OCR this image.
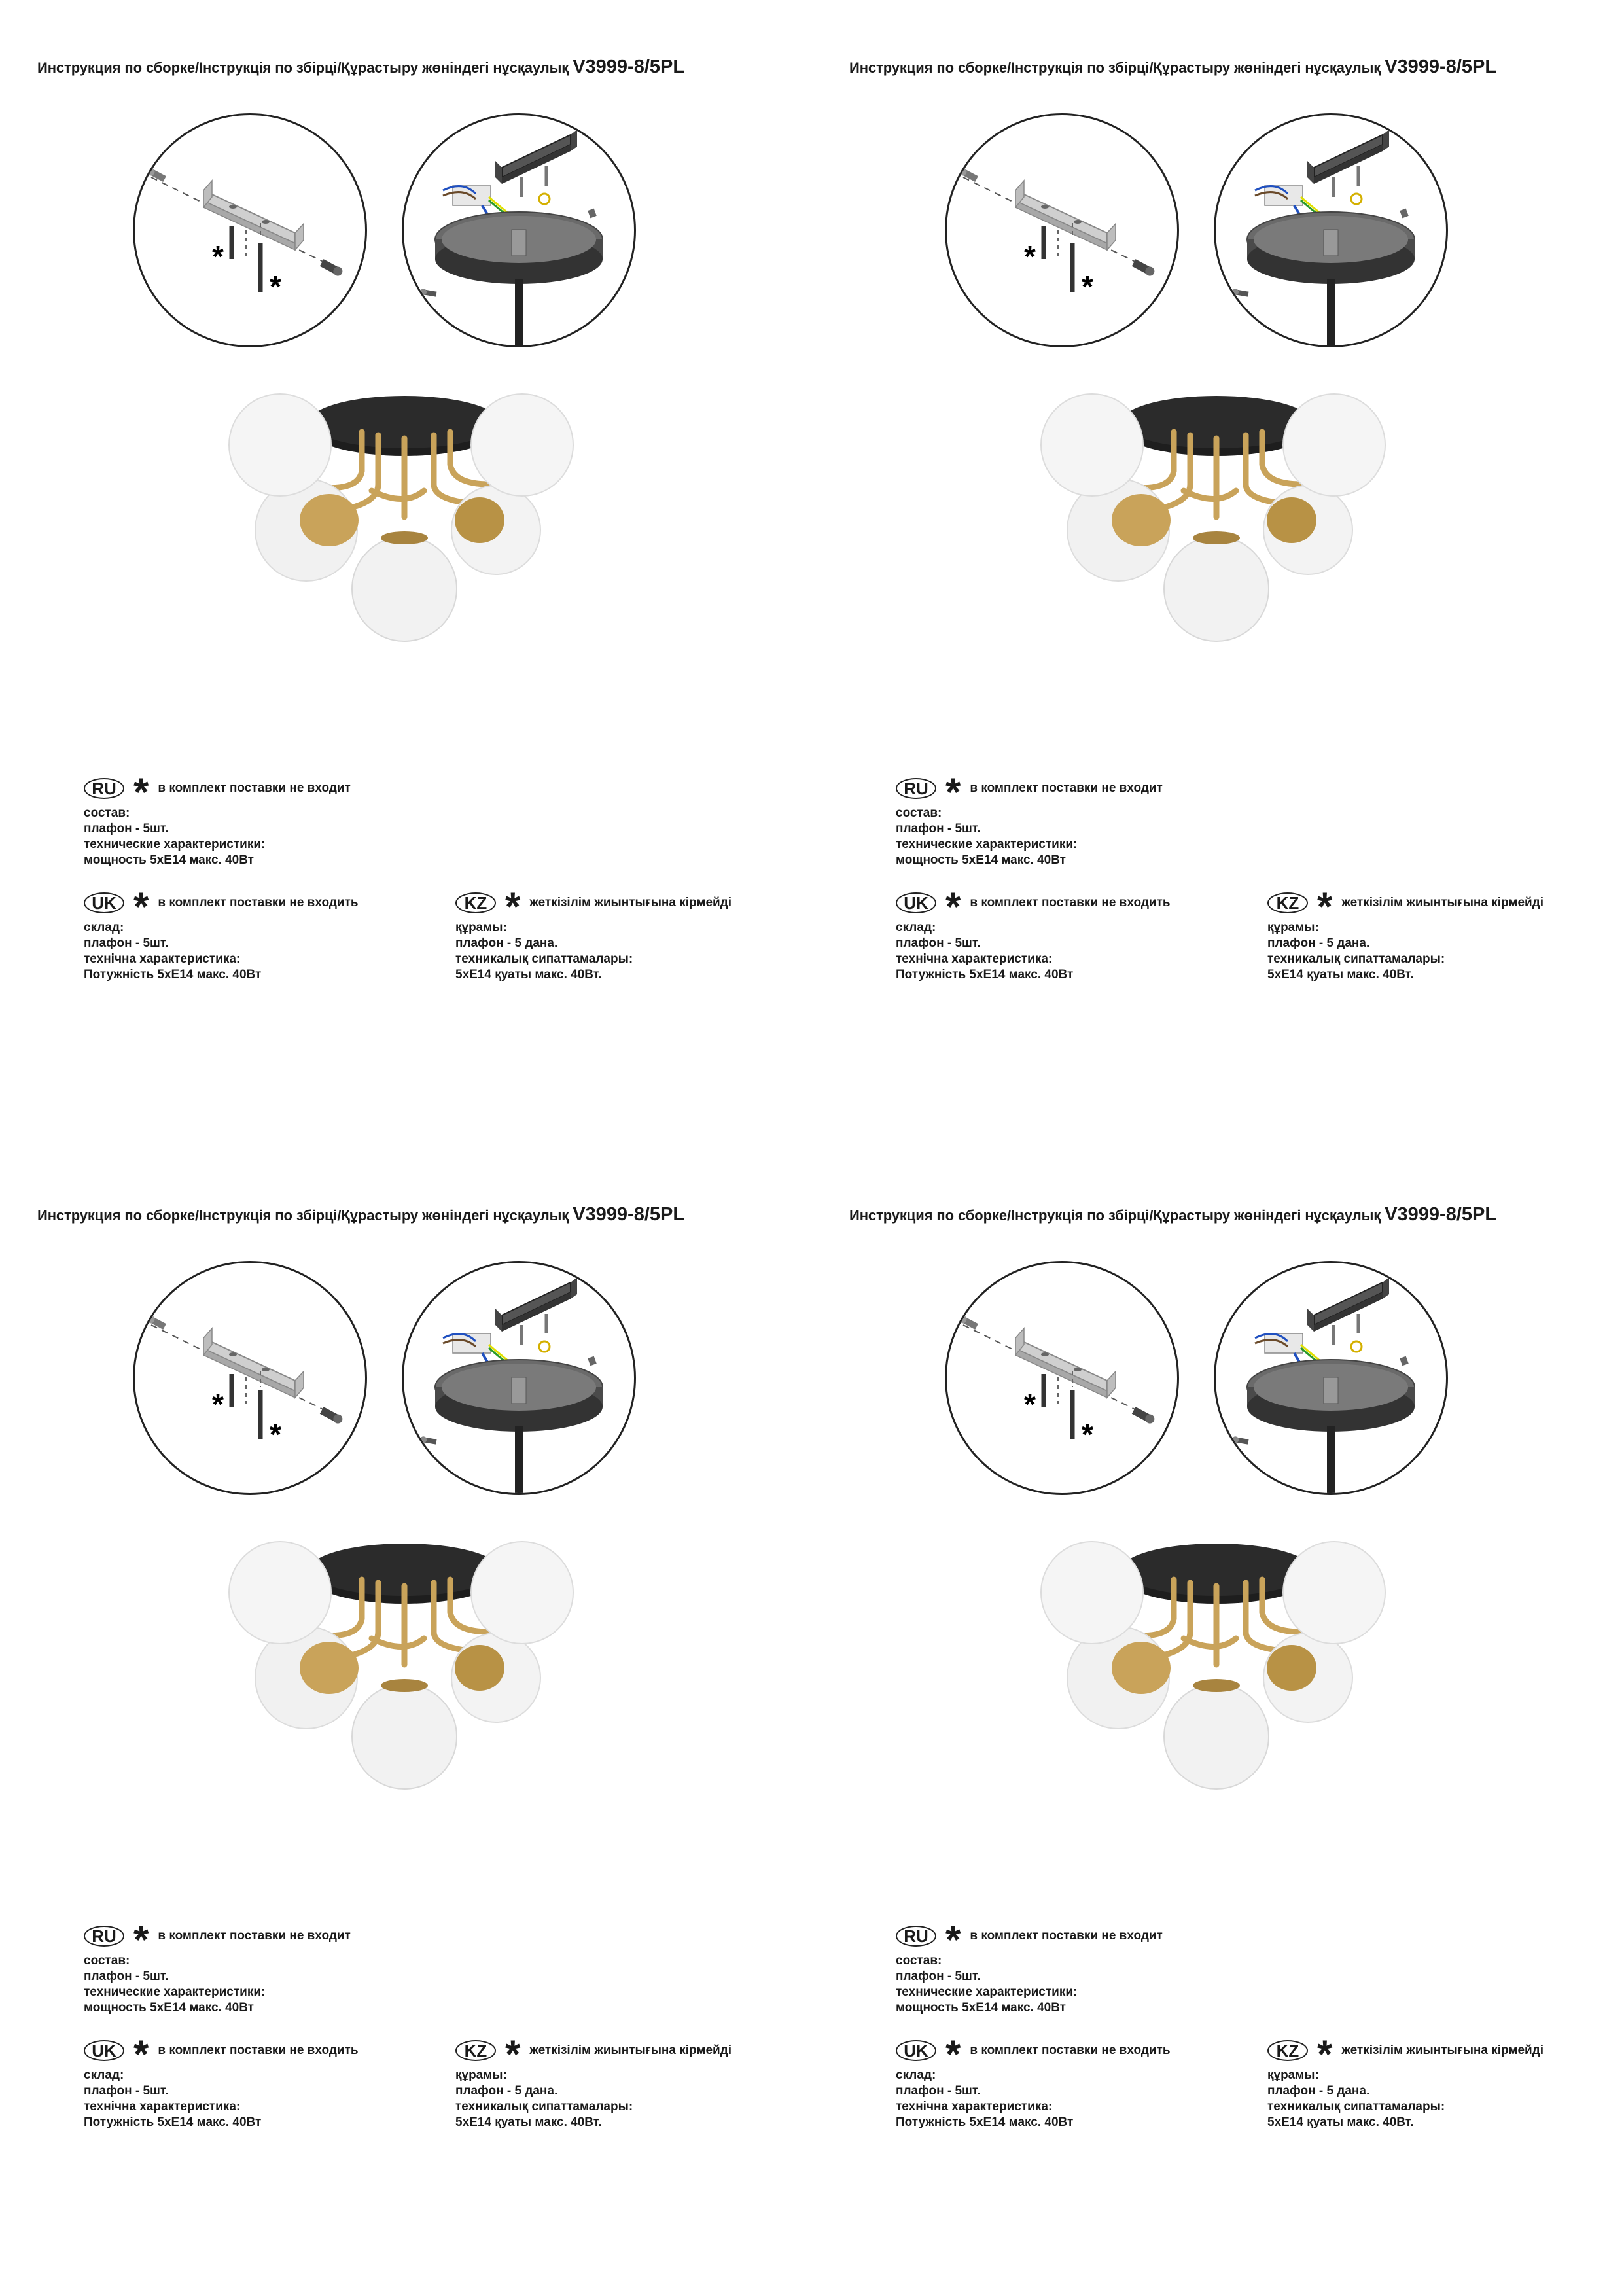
Инструкция по сборке/Інструкція по збірці/Құрастыру жөніндегі нұсқаулық V3999-8/5PL
*
*
RU * в комплект поставки не входит
состав:
плафон - 5шт.
технические характеристики:
мощность 5хЕ14 макс. 40Вт
UK * в комплект поставки не входить
склад:
плафон - 5шт.
технічна характеристика:
Потужність 5хЕ14 макс. 40Вт
KZ * жеткізілім жиынтығына кірмейді
құрамы:
плафон - 5 дана.
техникалық сипаттамалары:
5хЕ14 қуаты макс. 40Вт.
Инструкция по сборке/Інструкція по збірці/Құрастыру жөніндегі нұсқаулық V3999-8/5PL
*
*
RU * в комплект поставки не входит
состав:
плафон - 5шт.
технические характеристики:
мощность 5хЕ14 макс. 40Вт
UK * в комплект поставки не входить
склад:
плафон - 5шт.
технічна характеристика:
Потужність 5хЕ14 макс. 40Вт
KZ * жеткізілім жиынтығына кірмейді
құрамы:
плафон - 5 дана.
техникалық сипаттамалары:
5хЕ14 қуаты макс. 40Вт.
Инструкция по сборке/Інструкція по збірці/Құрастыру жөніндегі нұсқаулық V3999-8/5PL
*
*
RU * в комплект поставки не входит
состав:
плафон - 5шт.
технические характеристики:
мощность 5хЕ14 макс. 40Вт
UK * в комплект поставки не входить
склад:
плафон - 5шт.
технічна характеристика:
Потужність 5хЕ14 макс. 40Вт
KZ * жеткізілім жиынтығына кірмейді
құрамы:
плафон - 5 дана.
техникалық сипаттамалары:
5хЕ14 қуаты макс. 40Вт.
Инструкция по сборке/Інструкція по збірці/Құрастыру жөніндегі нұсқаулық V3999-8/5PL
*
*
RU * в комплект поставки не входит
состав:
плафон - 5шт.
технические характеристики:
мощность 5хЕ14 макс. 40Вт
UK * в комплект поставки не входить
склад:
плафон - 5шт.
технічна характеристика:
Потужність 5хЕ14 макс. 40Вт
KZ * жеткізілім жиынтығына кірмейді
құрамы:
плафон - 5 дана.
техникалық сипаттамалары:
5хЕ14 қуаты макс. 40Вт.
